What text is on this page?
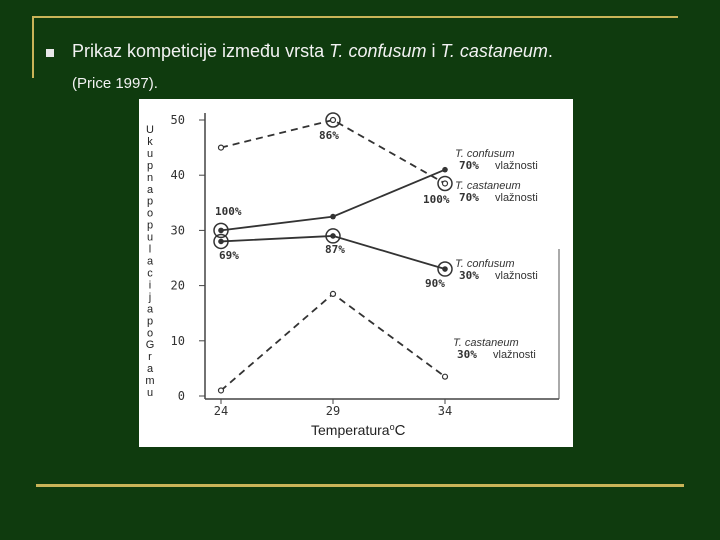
Prikaz kompeticije između vrsta T. confusum i T. castaneum.
(Price 1997).
U
k
u
p
n
a
p
o
p
u
l
a
c
i
j
a
p
o
G
r
a
m
u 0
10
20
30
40
50
24	29	34
T. confusum
70% vlažnosti
T. castaneum
70% vlažnosti
T. confusum
30% vlažnosti
T. castaneum
30% vlažnosti
86%
100%
69%	87%
100%
90%
Temperatura$^o$C
